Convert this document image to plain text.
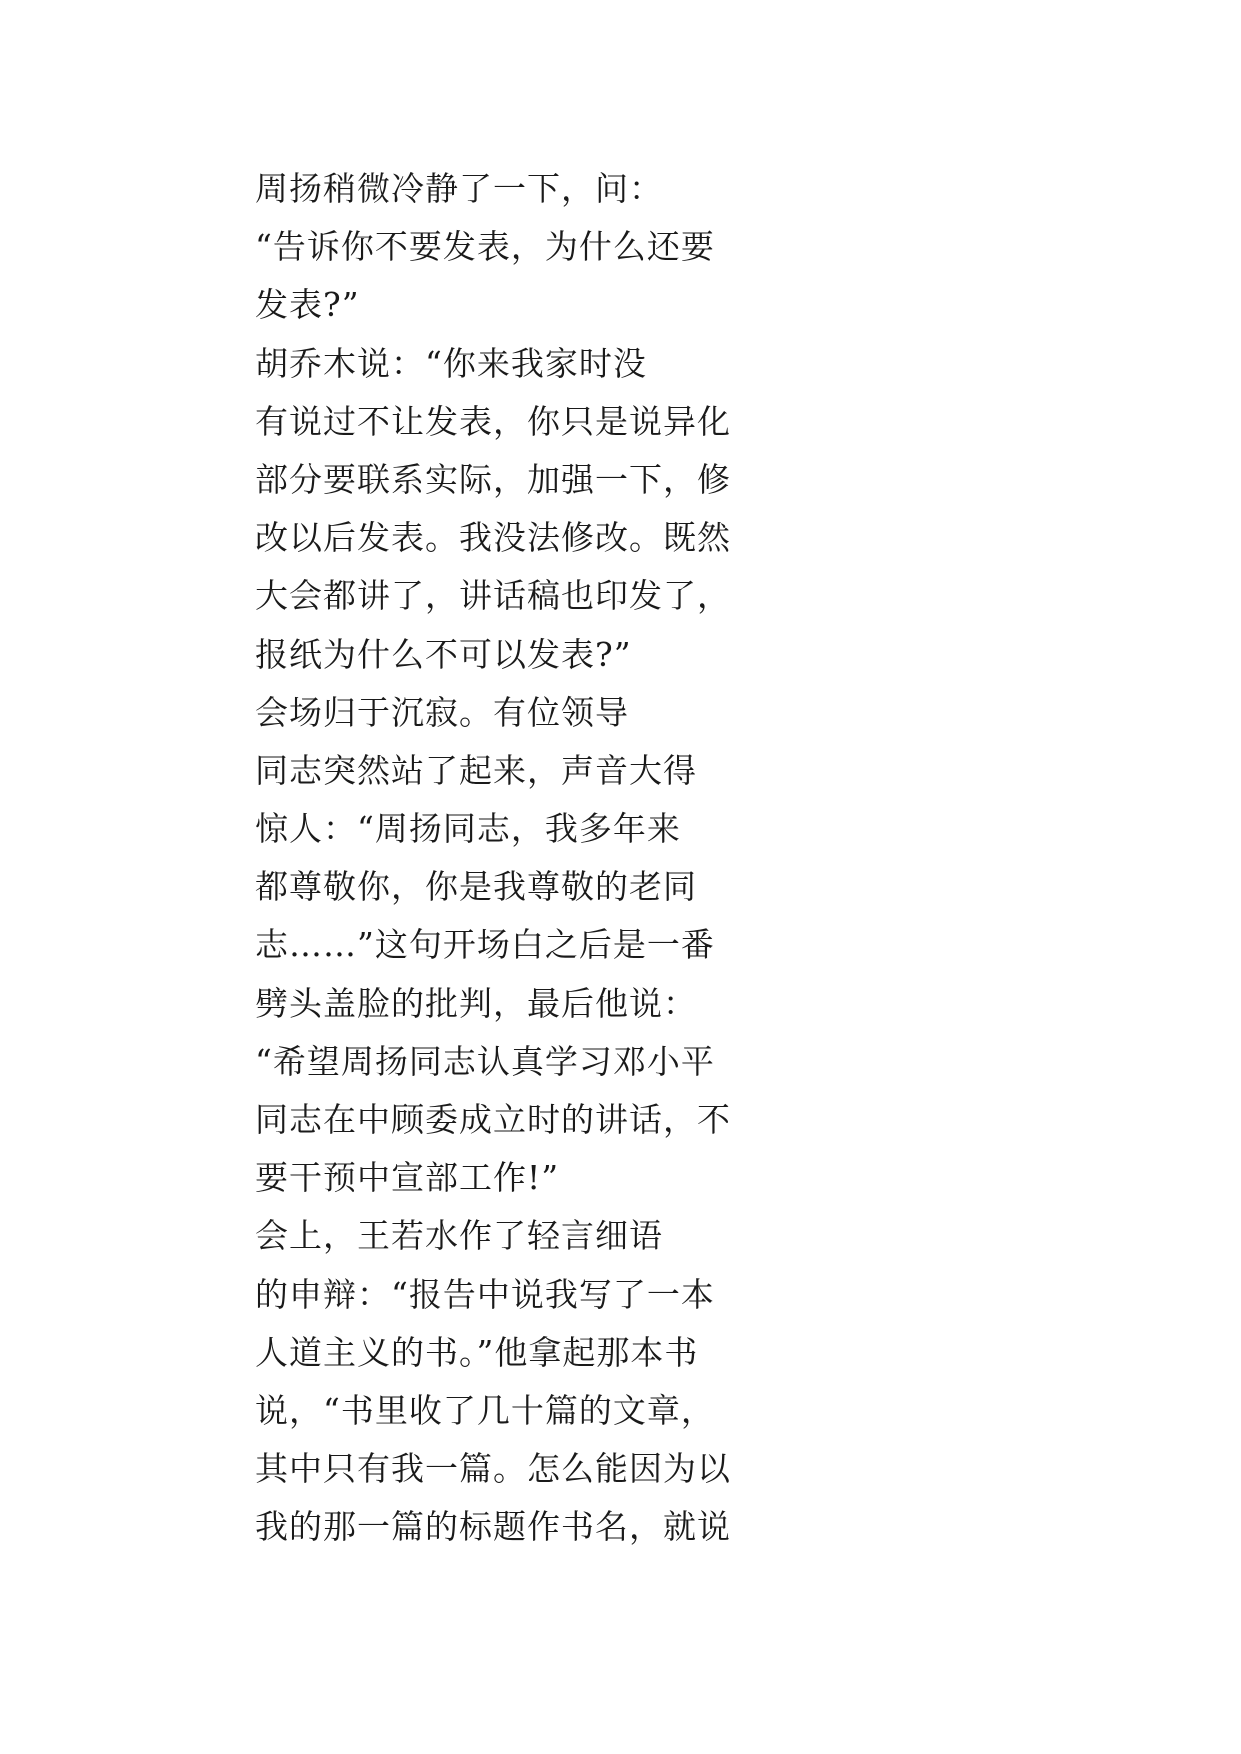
周扬稍微冷静了一下，问：
“告诉你不要发表，为什么还要
发表?”
胡乔木说：“你来我家时没
有说过不让发表，你只是说异化
部分要联系实际，加强一下，修
改以后发表。我没法修改。既然
大会都讲了，讲话稿也印发了，
报纸为什么不可以发表?”
会场归于沉寂。有位领导
同志突然站了起来，声音大得
惊人：“周扬同志，我多年来
都尊敬你，你是我尊敬的老同
志……”这句开场白之后是一番
劈头盖脸的批判，最后他说：
“希望周扬同志认真学习邓小平
同志在中顾委成立时的讲话，不
要干预中宣部工作!”
会上，王若水作了轻言细语
的申辩：“报告中说我写了一本
人道主义的书。”他拿起那本书
说，“书里收了几十篇的文章，
其中只有我一篇。怎么能因为以
我的那一篇的标题作书名，就说
